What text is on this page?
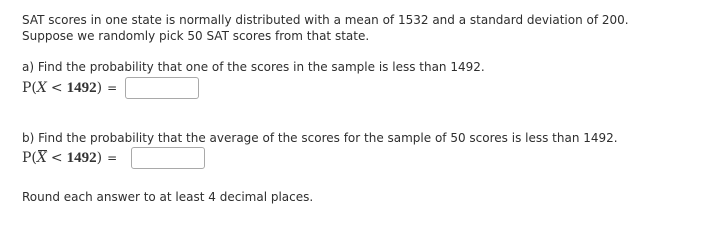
SAT scores in one state is normally distributed with a mean of 1532 and a standard deviation of 200.
Suppose we randomly pick 50 SAT scores from that state.
a) Find the probability that one of the scores in the sample is less than 1492.
P( X < 1492 ) =
b) Find the probability that the average of the scores for the sample of 50 scores is less than 1492.
P( X < 1492 ) =
Round each answer to at least 4 decimal places.
